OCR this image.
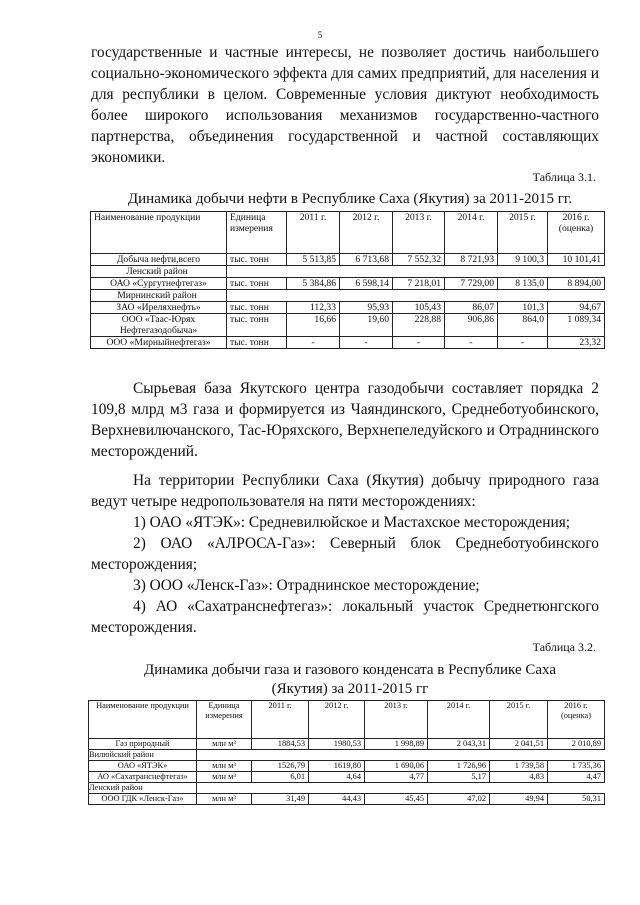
5

государственные и частные интересы, не позволяет достичь наибольшего социально-экономического эффекта для самих предприятий, для населения и для республики в целом. Современные условия диктуют необходимость более широкого использования механизмов государственно-частного партнерства, объединения государственной и частной составляющих экономики.

Таблица 3.1.
Динамика добычи нефти в Республике Саха (Якутия) за 2011-2015 гг.
Наименование продукции	Единица измерения	2011 г.	2012 г.	2013 г.	2014 г.	2015 г.	2016 г. (оценка)
Добыча нефти,всего	тыс. тонн	5 513,85	6 713,68	7 552,32	8 721,93	9 100,3	10 101,41
Ленский район							
ОАО «Сургутнефтегаз»	тыс. тонн	5 384,86	6 598,14	7 218,01	7 729,00	8 135,0	8 894,00
Мирнинский район							
ЗАО «Иреляхнефть»	тыс. тонн	112,33	95,93	105,43	86,07	101,3	94,67
ООО «Таас-Юрях Нефтегазодобыча»	тыс. тонн	16,66	19,60	228,88	906,86	864,0	1 089,34
ООО «Мирныйнефтегаз»	тыс. тонн	-	-	-	-	-	23,32

Сырьевая база Якутского центра газодобычи составляет порядка 2 109,8 млрд м3 газа и формируется из Чаяндинского, Среднеботуобинского, Верхневилючанского, Тас-Юряхского, Верхнепеледуйского и Отраднинского месторождений.

На территории Республики Саха (Якутия) добычу природного газа ведут четыре недропользователя на пяти месторождениях:

1) ОАО «ЯТЭК»: Средневилюйское и Мастахское месторождения;

2) ОАО «АЛРОСА-Газ»: Северный блок Среднеботуобинского месторождения;

3) ООО «Ленск-Газ»: Отраднинское месторождение;

4) АО «Сахатранснефтегаз»: локальный участок Среднетюнгского месторождения.

Таблица 3.2.
Динамика добычи газа и газового конденсата в Республике Саха
(Якутия) за 2011-2015 гг
Наименование продукции	Единица измерения	2011 г.	2012 г.	2013 г.	2014 г.	2015 г.	2016 г. (оценка)
Газ природный	млн м³	1884,53	1980,53	1 998,89	2 043,31	2 041,51	2 010,89
Вилюйский район							
ОАО «ЯТЭК»	млн м³	1526,79	1619,80	1 690,06	1 726,96	1 739,58	1 735,36
АО «Сахатранснефтегаз»	млн м³	6,01	4,64	4,77	5,17	4,83	4,47
Ленский район							
ООО ГДК «Ленск-Газ»	млн м³	31,49	44,43	45,45	47,02	49,94	50,31
